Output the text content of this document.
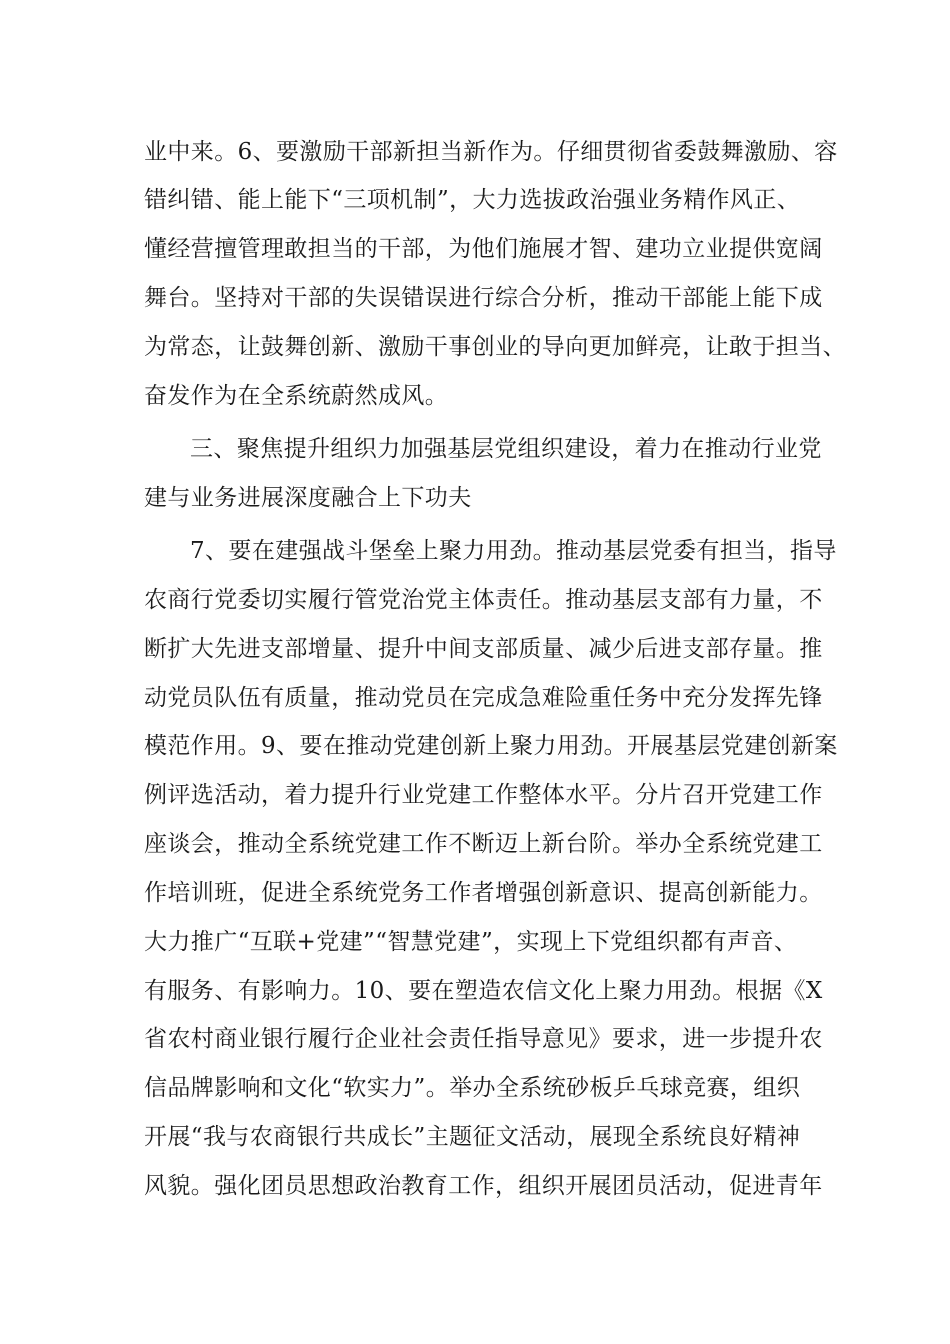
业中来。6、要激励干部新担当新作为。仔细贯彻省委鼓舞激励、容
错纠错、能上能下“三项机制”，大力选拔政治强业务精作风正、
懂经营擅管理敢担当的干部，为他们施展才智、建功立业提供宽阔
舞台。坚持对干部的失误错误进行综合分析，推动干部能上能下成
为常态，让鼓舞创新、激励干事创业的导向更加鲜亮，让敢于担当、
奋发作为在全系统蔚然成风。
三、聚焦提升组织力加强基层党组织建设，着力在推动行业党
建与业务进展深度融合上下功夫
7、要在建强战斗堡垒上聚力用劲。推动基层党委有担当，指导
农商行党委切实履行管党治党主体责任。推动基层支部有力量，不
断扩大先进支部增量、提升中间支部质量、减少后进支部存量。推
动党员队伍有质量，推动党员在完成急难险重任务中充分发挥先锋
模范作用。9、要在推动党建创新上聚力用劲。开展基层党建创新案
例评选活动，着力提升行业党建工作整体水平。分片召开党建工作
座谈会，推动全系统党建工作不断迈上新台阶。举办全系统党建工
作培训班，促进全系统党务工作者增强创新意识、提高创新能力。
大力推广“互联+党建”“智慧党建”，实现上下党组织都有声音、
有服务、有影响力。10、要在塑造农信文化上聚力用劲。根据《X
省农村商业银行履行企业社会责任指导意见》要求，进一步提升农
信品牌影响和文化“软实力”。举办全系统砂板乒乓球竞赛，组织
开展“我与农商银行共成长”主题征文活动，展现全系统良好精神
风貌。强化团员思想政治教育工作，组织开展团员活动，促进青年
